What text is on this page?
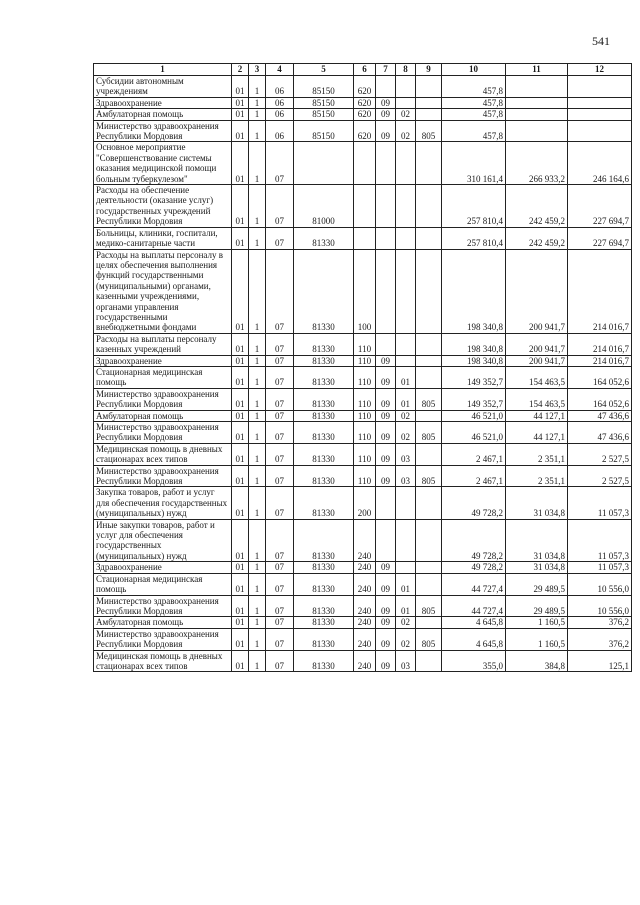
541
1	2	3	4	5	6	7	8	9	10	11	12
Субсидии автономным учреждениям	01	1	06	85150	620				457,8		
Здравоохранение	01	1	06	85150	620	09			457,8		
Амбулаторная помощь	01	1	06	85150	620	09	02		457,8		
Министерство здравоохранения Республики Мордовия	01	1	06	85150	620	09	02	805	457,8		
Основное мероприятие "Совершенствование системы оказания медицинской помощи больным туберкулезом"	01	1	07						310 161,4	266 933,2	246 164,6
Расходы на обеспечение деятельности (оказание услуг) государственных учреждений Республики Мордовия	01	1	07	81000					257 810,4	242 459,2	227 694,7
Больницы, клиники, госпитали, медико-санитарные части	01	1	07	81330					257 810,4	242 459,2	227 694,7
Расходы на выплаты персоналу в целях обеспечения выполнения функций государственными (муниципальными) органами, казенными учреждениями, органами управления государственными внебюджетными фондами	01	1	07	81330	100				198 340,8	200 941,7	214 016,7
Расходы на выплаты персоналу казенных учреждений	01	1	07	81330	110				198 340,8	200 941,7	214 016,7
Здравоохранение	01	1	07	81330	110	09			198 340,8	200 941,7	214 016,7
Стационарная медицинская помощь	01	1	07	81330	110	09	01		149 352,7	154 463,5	164 052,6
Министерство здравоохранения Республики Мордовия	01	1	07	81330	110	09	01	805	149 352,7	154 463,5	164 052,6
Амбулаторная помощь	01	1	07	81330	110	09	02		46 521,0	44 127,1	47 436,6
Министерство здравоохранения Республики Мордовия	01	1	07	81330	110	09	02	805	46 521,0	44 127,1	47 436,6
Медицинская помощь в дневных стационарах всех типов	01	1	07	81330	110	09	03		2 467,1	2 351,1	2 527,5
Министерство здравоохранения Республики Мордовия	01	1	07	81330	110	09	03	805	2 467,1	2 351,1	2 527,5
Закупка товаров, работ и услуг для обеспечения государственных (муниципальных) нужд	01	1	07	81330	200				49 728,2	31 034,8	11 057,3
Иные закупки товаров, работ и услуг для обеспечения государственных (муниципальных) нужд	01	1	07	81330	240				49 728,2	31 034,8	11 057,3
Здравоохранение	01	1	07	81330	240	09			49 728,2	31 034,8	11 057,3
Стационарная медицинская помощь	01	1	07	81330	240	09	01		44 727,4	29 489,5	10 556,0
Министерство здравоохранения Республики Мордовия	01	1	07	81330	240	09	01	805	44 727,4	29 489,5	10 556,0
Амбулаторная помощь	01	1	07	81330	240	09	02		4 645,8	1 160,5	376,2
Министерство здравоохранения Республики Мордовия	01	1	07	81330	240	09	02	805	4 645,8	1 160,5	376,2
Медицинская помощь в дневных стационарах всех типов	01	1	07	81330	240	09	03		355,0	384,8	125,1
